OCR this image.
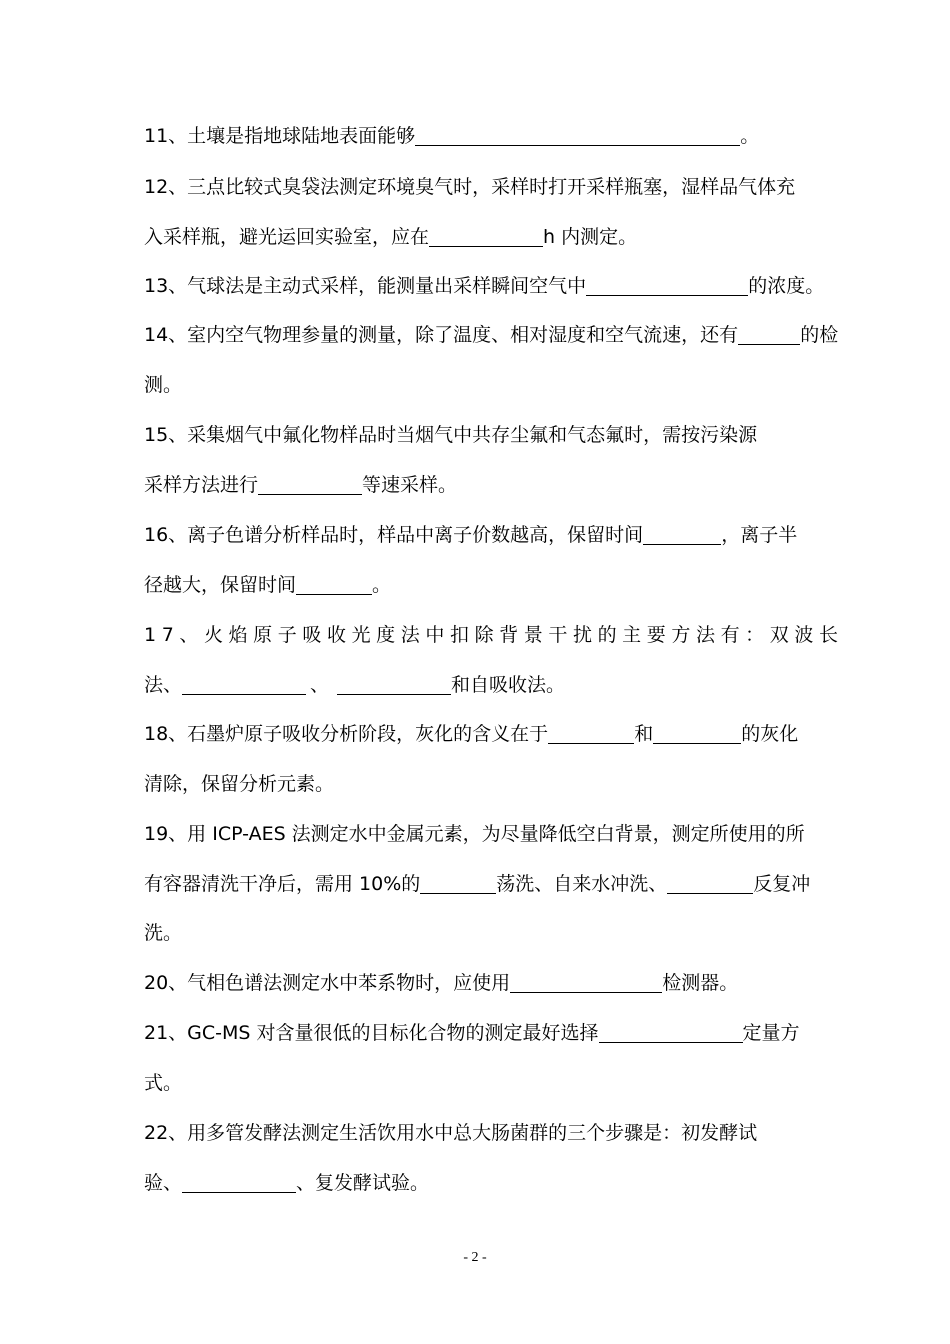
11、土壤是指地球陆地表面能够	。
12、三点比较式臭袋法测定环境臭气时，采样时打开采样瓶塞，湿样品气体充
入采样瓶，避光运回实验室，应在	h 内测定。
13、气球法是主动式采样，能测量出采样瞬间空气中	的浓度。
14、室内空气物理参量的测量，除了温度、相对湿度和空气流速，还有	的检
测。
15、采集烟气中氟化物样品时当烟气中共存尘氟和气态氟时，需按污染源
采样方法进行	等速采样。
16、离子色谱分析样品时，样品中离子价数越高，保留时间	，离子半
径越大，保留时间	。
17、火焰原子吸收光度法中扣除背景干扰的主要方法有：双波长
法、	、	和自吸收法。
18、石墨炉原子吸收分析阶段，灰化的含义在于	和	的灰化
清除，保留分析元素。
19、用 ICP-AES 法测定水中金属元素，为尽量降低空白背景，测定所使用的所
有容器清洗干净后，需用 10%的	荡洗、自来水冲洗、	反复冲
洗。
20、气相色谱法测定水中苯系物时，应使用	检测器。
21、GC-MS 对含量很低的目标化合物的测定最好选择	定量方
式。
22、用多管发酵法测定生活饮用水中总大肠菌群的三个步骤是：初发酵试
验、	、复发酵试验。
- 2 -
